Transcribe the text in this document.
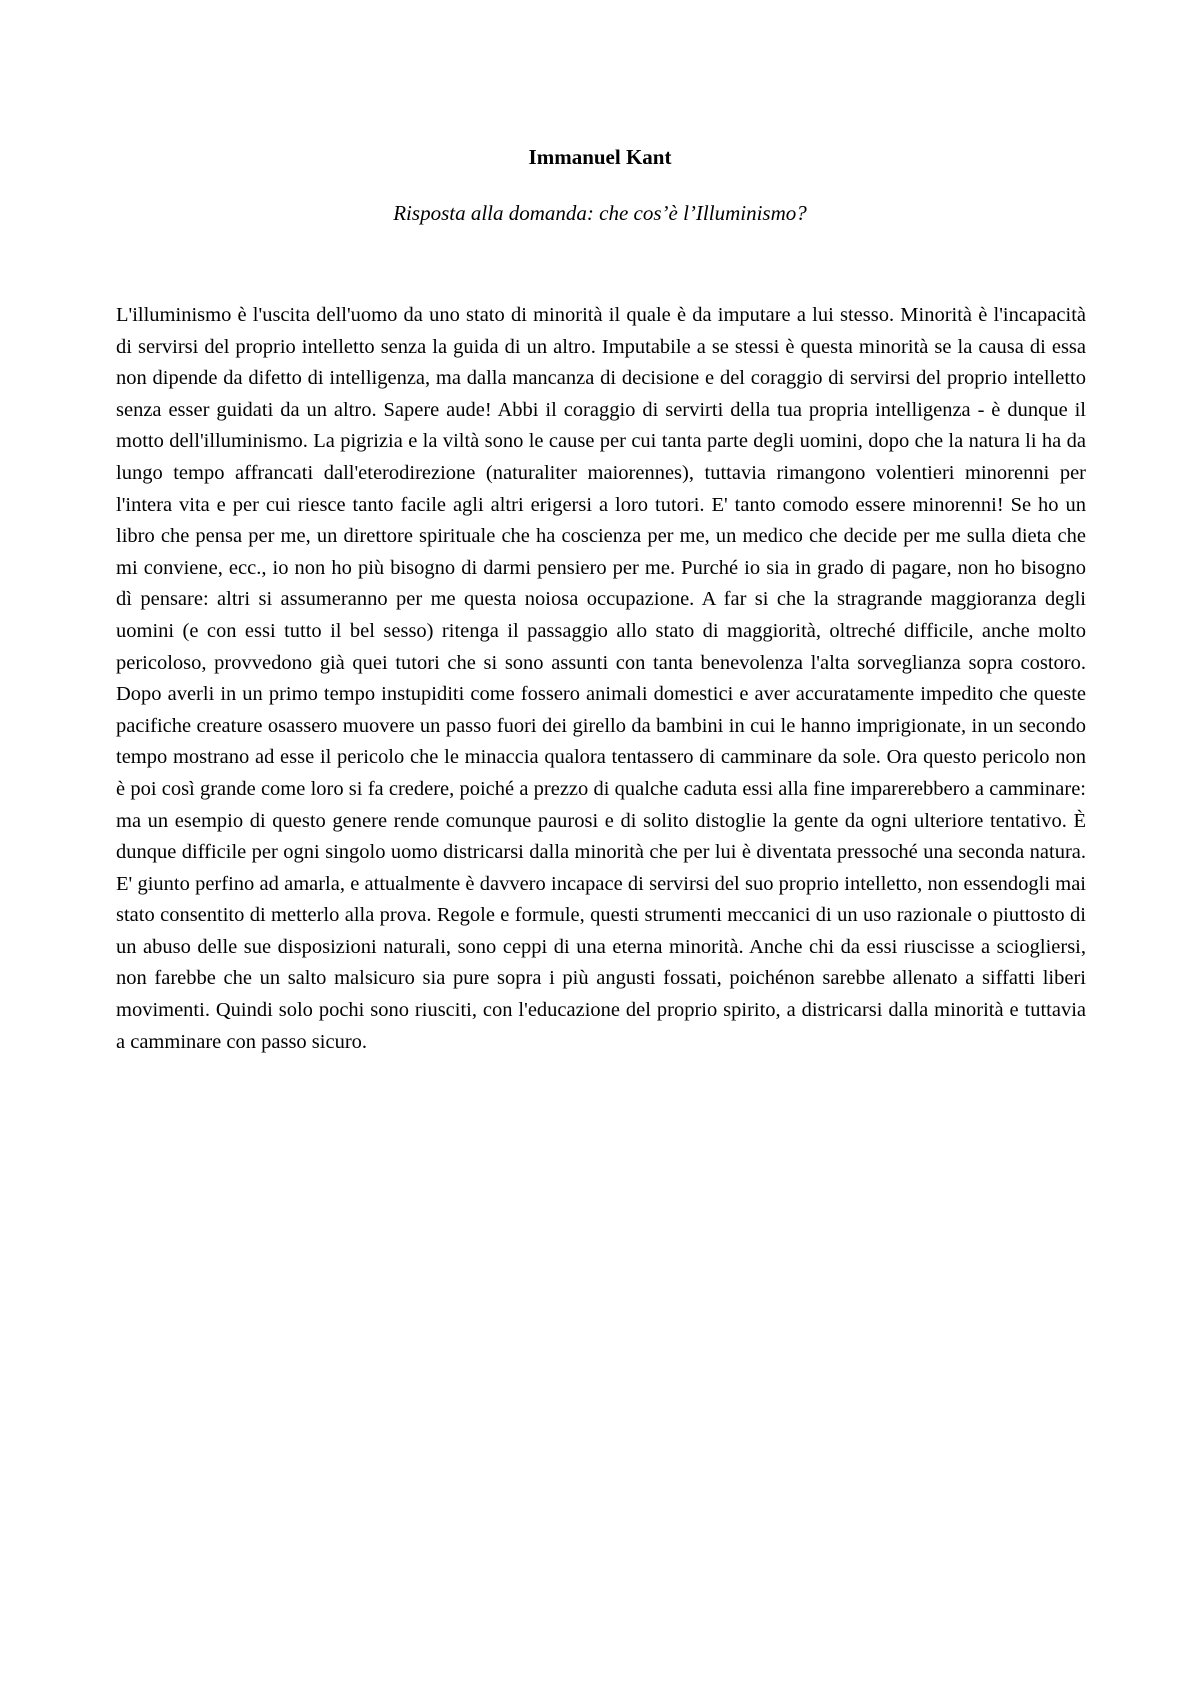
Immanuel Kant
Risposta alla domanda: che cos’è l’Illuminismo?

L'illuminismo è l'uscita dell'uomo da uno stato di minorità il quale è da imputare a lui stesso. Minorità è l'incapacità di servirsi del proprio intelletto senza la guida di un altro. Imputabile a se stessi è questa minorità se la causa di essa non dipende da difetto di intelligenza, ma dalla mancanza di decisione e del coraggio di servirsi del proprio intelletto senza esser guidati da un altro. Sapere aude! Abbi il coraggio di servirti della tua propria intelligenza - è dunque il motto dell'illuminismo. La pigrizia e la viltà sono le cause per cui tanta parte degli uomini, dopo che la natura li ha da lungo tempo affrancati dall'eterodirezione (naturaliter maiorennes), tuttavia rimangono volentieri minorenni per l'intera vita e per cui riesce tanto facile agli altri erigersi a loro tutori. E' tanto comodo essere minorenni! Se ho un libro che pensa per me, un direttore spirituale che ha coscienza per me, un medico che decide per me sulla dieta che mi conviene, ecc., io non ho più bisogno di darmi pensiero per me. Purché io sia in grado di pagare, non ho bisogno dì pensare: altri si assumeranno per me questa noiosa occupazione. A far si che la stragrande maggioranza degli uomini (e con essi tutto il bel sesso) ritenga il passaggio allo stato di maggiorità, oltreché difficile, anche molto pericoloso, provvedono già quei tutori che si sono assunti con tanta benevolenza l'alta sorveglianza sopra costoro. Dopo averli in un primo tempo instupiditi come fossero animali domestici e aver accuratamente impedito che queste pacifiche creature osassero muovere un passo fuori dei girello da bambini in cui le hanno imprigionate, in un secondo tempo mostrano ad esse il pericolo che le minaccia qualora tentassero di camminare da sole. Ora questo pericolo non è poi così grande come loro si fa credere, poiché a prezzo di qualche caduta essi alla fine imparerebbero a camminare: ma un esempio di questo genere rende comunque paurosi e di solito distoglie la gente da ogni ulteriore tentativo. È dunque difficile per ogni singolo uomo districarsi dalla minorità che per lui è diventata pressoché una seconda natura. E' giunto perfino ad amarla, e attualmente è davvero incapace di servirsi del suo proprio intelletto, non essendogli mai stato consentito di metterlo alla prova. Regole e formule, questi strumenti meccanici di un uso razionale o piuttosto di un abuso delle sue disposizioni naturali, sono ceppi di una eterna minorità. Anche chi da essi riuscisse a sciogliersi, non farebbe che un salto malsicuro sia pure sopra i più angusti fossati, poichénon sarebbe allenato a siffatti liberi movimenti. Quindi solo pochi sono riusciti, con l'educazione del proprio spirito, a districarsi dalla minorità e tuttavia a camminare con passo sicuro.
